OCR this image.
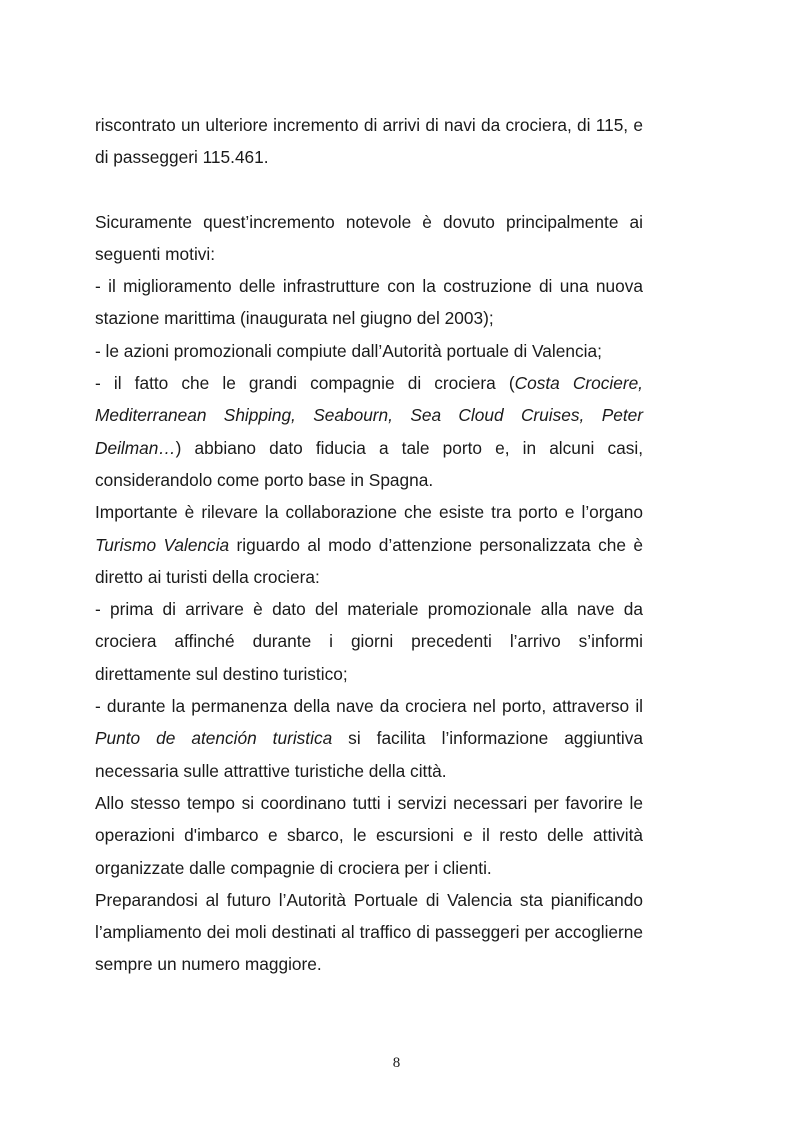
riscontrato un ulteriore incremento di arrivi di navi da crociera, di 115, e di passeggeri 115.461.

Sicuramente quest’incremento notevole è dovuto principalmente ai seguenti motivi:

- il miglioramento delle infrastrutture con la costruzione di una nuova stazione marittima (inaugurata nel giugno del 2003);

- le azioni promozionali compiute dall’Autorità portuale di Valencia;

- il fatto che le grandi compagnie di crociera (Costa Crociere, Mediterranean Shipping, Seabourn, Sea Cloud Cruises, Peter Deilman…) abbiano dato fiducia a tale porto e, in alcuni casi, considerandolo come porto base in Spagna.

Importante è rilevare la collaborazione che esiste tra porto e l’organo Turismo Valencia riguardo al modo d’attenzione personalizzata che è diretto ai turisti della crociera:

- prima di arrivare è dato del materiale promozionale alla nave da crociera affinché durante i giorni precedenti l’arrivo s’informi direttamente sul destino turistico;

- durante la permanenza della nave da crociera nel porto, attraverso il Punto de atención turistica si facilita l’informazione aggiuntiva necessaria sulle attrattive turistiche della città.

Allo stesso tempo si coordinano tutti i servizi necessari per favorire le operazioni d'imbarco e sbarco, le escursioni e il resto delle attività organizzate dalle compagnie di crociera per i clienti.

Preparandosi al futuro l’Autorità Portuale di Valencia sta pianificando l’ampliamento dei moli destinati al traffico di passeggeri per accoglierne sempre un numero maggiore.

8
